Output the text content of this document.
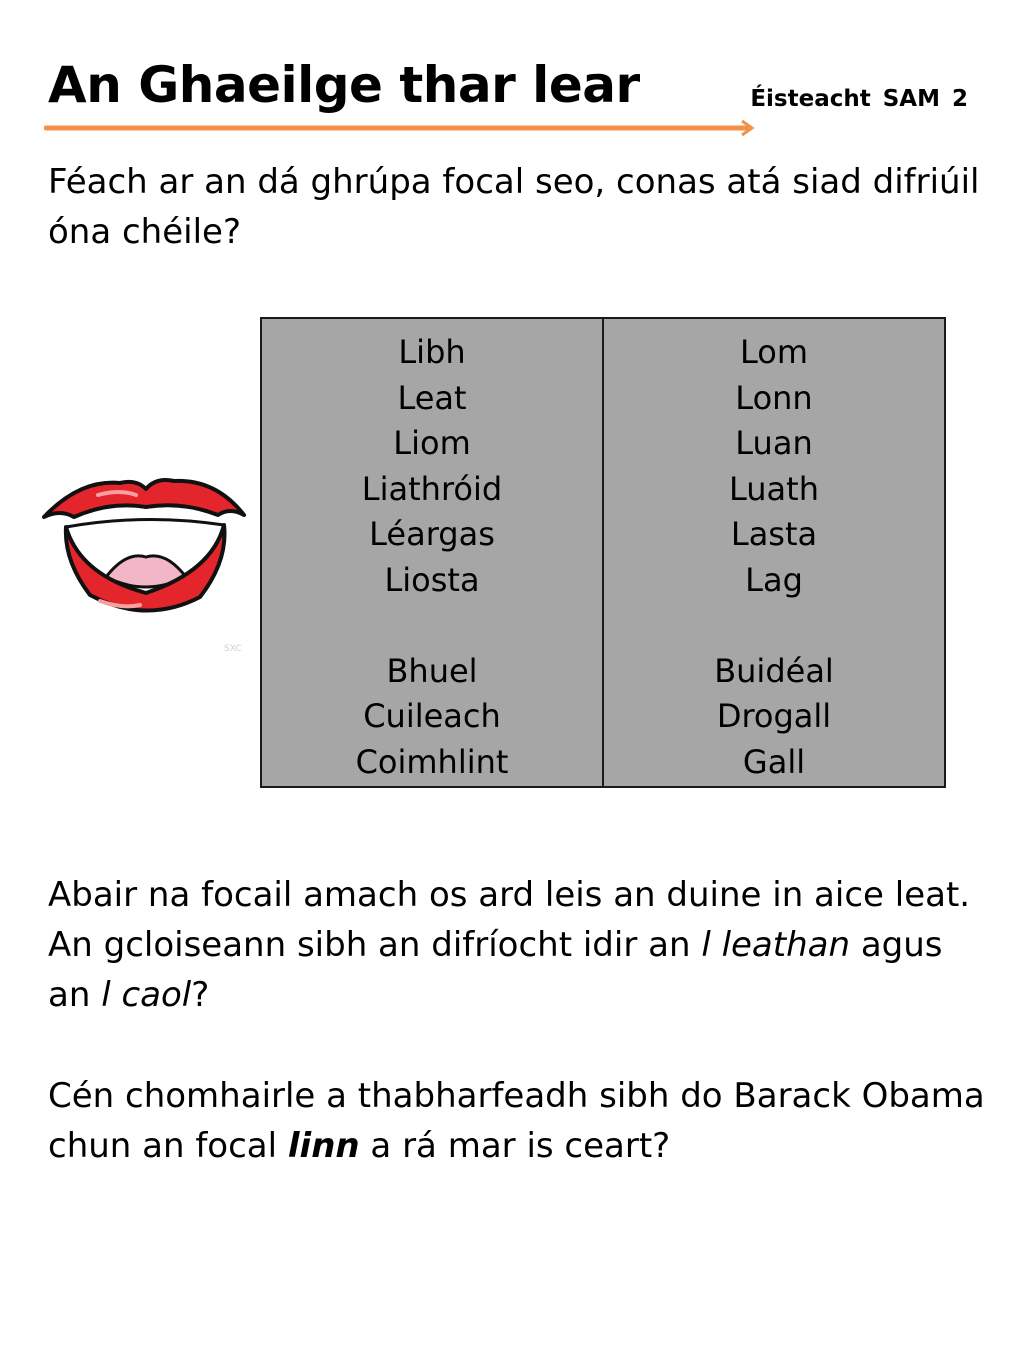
An Ghaeilge thar lear	Éisteacht SAM 2

Féach ar an dá ghrúpa focal seo, conas atá siad difriúil
óna chéile?

SXC
Libh
Leat
Liom
Liathróid
Léargas
Liosta
Bhuel
Cuileach
Coimhlint
Lom
Lonn
Luan
Luath
Lasta
Lag
Buidéal
Drogall
Gall

Abair na focail amach os ard leis an duine in aice leat.
An gcloiseann sibh an difríocht idir an l leathan agus
an l caol?

Cén chomhairle a thabharfeadh sibh do Barack Obama
chun an focal linn a rá mar is ceart?
